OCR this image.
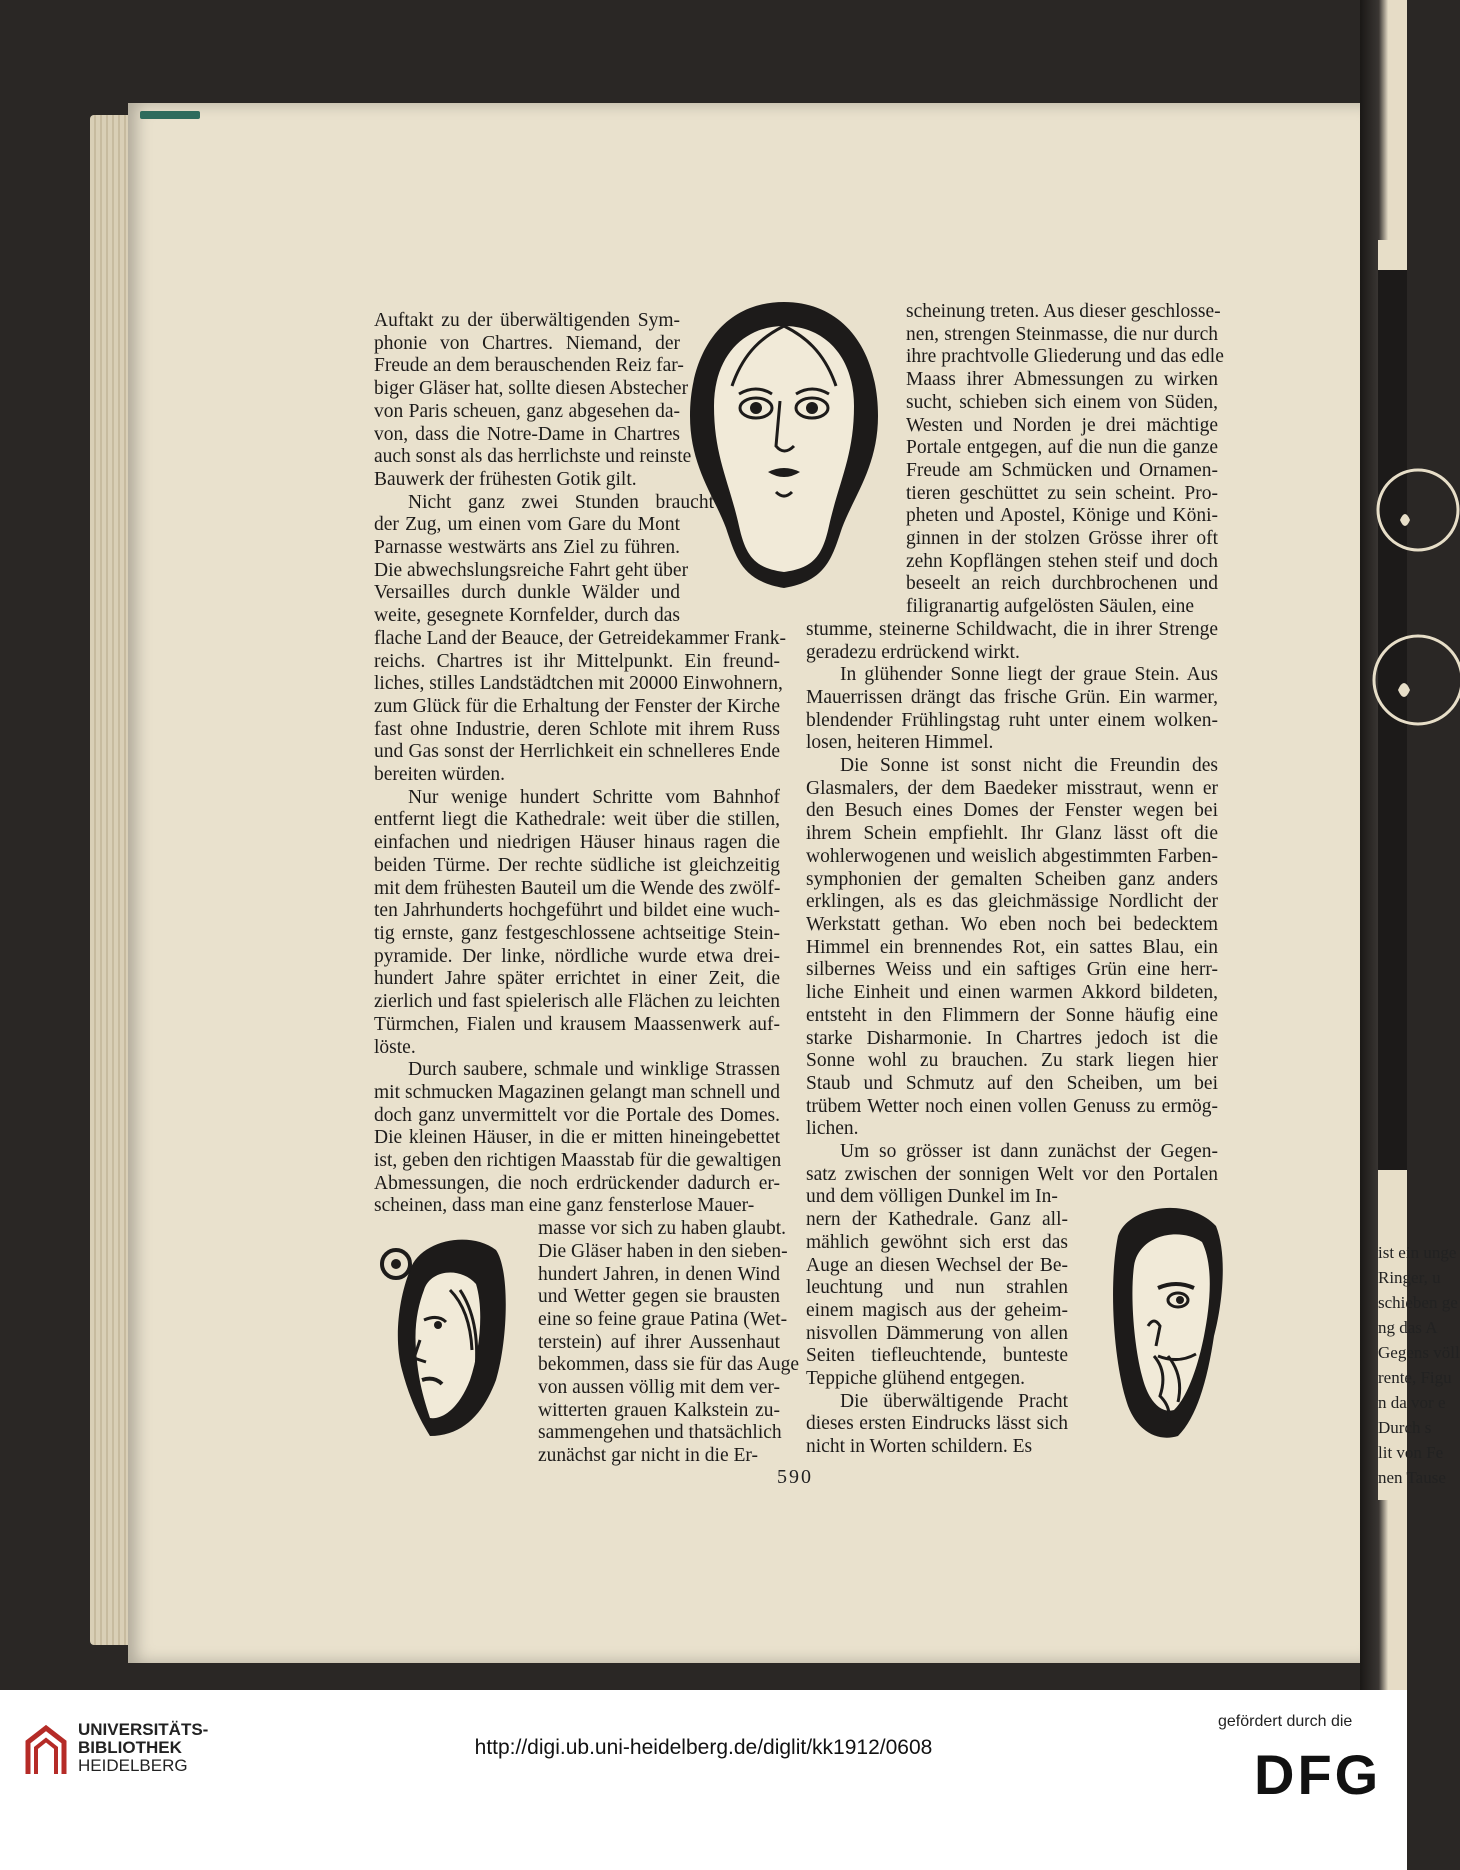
ist ein unge
Ringer, u
schieben ge
ng das A
Gegens völl
rente, Figu
n da vor e
Durch s
lit von Fe
nen Tause

Auftakt zu der überwältigenden Sym-
phonie von Chartres. Niemand, der
Freude an dem berauschenden Reiz far-
biger Gläser hat, sollte diesen Abstecher
von Paris scheuen, ganz abgesehen da-
von, dass die Notre-Dame in Chartres
auch sonst als das herrlichste und reinste
Bauwerk der frühesten Gotik gilt.

Nicht ganz zwei Stunden braucht
der Zug, um einen vom Gare du Mont
Parnasse westwärts ans Ziel zu führen.
Die abwechslungsreiche Fahrt geht über
Versailles durch dunkle Wälder und
weite, gesegnete Kornfelder, durch das
flache Land der Beauce, der Getreidekammer Frank-
reichs. Chartres ist ihr Mittelpunkt. Ein freund-
liches, stilles Landstädtchen mit 20000 Einwohnern,
zum Glück für die Erhaltung der Fenster der Kirche
fast ohne Industrie, deren Schlote mit ihrem Russ
und Gas sonst der Herrlichkeit ein schnelleres Ende
bereiten würden.

Nur wenige hundert Schritte vom Bahnhof
entfernt liegt die Kathedrale: weit über die stillen,
einfachen und niedrigen Häuser hinaus ragen die
beiden Türme. Der rechte südliche ist gleichzeitig
mit dem frühesten Bauteil um die Wende des zwölf-
ten Jahrhunderts hochgeführt und bildet eine wuch-
tig ernste, ganz festgeschlossene achtseitige Stein-
pyramide. Der linke, nördliche wurde etwa drei-
hundert Jahre später errichtet in einer Zeit, die
zierlich und fast spielerisch alle Flächen zu leichten
Türmchen, Fialen und krausem Maassenwerk auf-
löste.

Durch saubere, schmale und winklige Strassen
mit schmucken Magazinen gelangt man schnell und
doch ganz unvermittelt vor die Portale des Domes.
Die kleinen Häuser, in die er mitten hineingebettet
ist, geben den richtigen Maasstab für die gewaltigen
Abmessungen, die noch erdrückender dadurch er-
scheinen, dass man eine ganz fensterlose Mauer-

masse vor sich zu haben glaubt.
Die Gläser haben in den sieben-
hundert Jahren, in denen Wind
und Wetter gegen sie brausten
eine so feine graue Patina (Wet-
terstein) auf ihrer Aussenhaut
bekommen, dass sie für das Auge
von aussen völlig mit dem ver-
witterten grauen Kalkstein zu-
sammengehen und thatsächlich
zunächst gar nicht in die Er-

scheinung treten. Aus dieser geschlosse-
nen, strengen Steinmasse, die nur durch
ihre prachtvolle Gliederung und das edle
Maass ihrer Abmessungen zu wirken
sucht, schieben sich einem von Süden,
Westen und Norden je drei mächtige
Portale entgegen, auf die nun die ganze
Freude am Schmücken und Ornamen-
tieren geschüttet zu sein scheint. Pro-
pheten und Apostel, Könige und Köni-
ginnen in der stolzen Grösse ihrer oft
zehn Kopflängen stehen steif und doch
beseelt an reich durchbrochenen und
filigranartig aufgelösten Säulen, eine

stumme, steinerne Schildwacht, die in ihrer Strenge
geradezu erdrückend wirkt.

In glühender Sonne liegt der graue Stein. Aus
Mauerrissen drängt das frische Grün. Ein warmer,
blendender Frühlingstag ruht unter einem wolken-
losen, heiteren Himmel.

Die Sonne ist sonst nicht die Freundin des
Glasmalers, der dem Baedeker misstraut, wenn er
den Besuch eines Domes der Fenster wegen bei
ihrem Schein empfiehlt. Ihr Glanz lässt oft die
wohlerwogenen und weislich abgestimmten Farben-
symphonien der gemalten Scheiben ganz anders
erklingen, als es das gleichmässige Nordlicht der
Werkstatt gethan. Wo eben noch bei bedecktem
Himmel ein brennendes Rot, ein sattes Blau, ein
silbernes Weiss und ein saftiges Grün eine herr-
liche Einheit und einen warmen Akkord bildeten,
entsteht in den Flimmern der Sonne häufig eine
starke Disharmonie. In Chartres jedoch ist die
Sonne wohl zu brauchen. Zu stark liegen hier
Staub und Schmutz auf den Scheiben, um bei
trübem Wetter noch einen vollen Genuss zu ermög-
lichen.

Um so grösser ist dann zunächst der Gegen-
satz zwischen der sonnigen Welt vor den Portalen
und dem völligen Dunkel im In-

nern der Kathedrale. Ganz all-
mählich gewöhnt sich erst das
Auge an diesen Wechsel der Be-
leuchtung und nun strahlen
einem magisch aus der geheim-
nisvollen Dämmerung von allen
Seiten tiefleuchtende, bunteste
Teppiche glühend entgegen.

Die überwältigende Pracht
dieses ersten Eindrucks lässt sich
nicht in Worten schildern. Es

590
UNIVERSITÄTS-
BIBLIOTHEK
HEIDELBERG
http://digi.ub.uni-heidelberg.de/diglit/kk1912/0608
gefördert durch die
DFG
